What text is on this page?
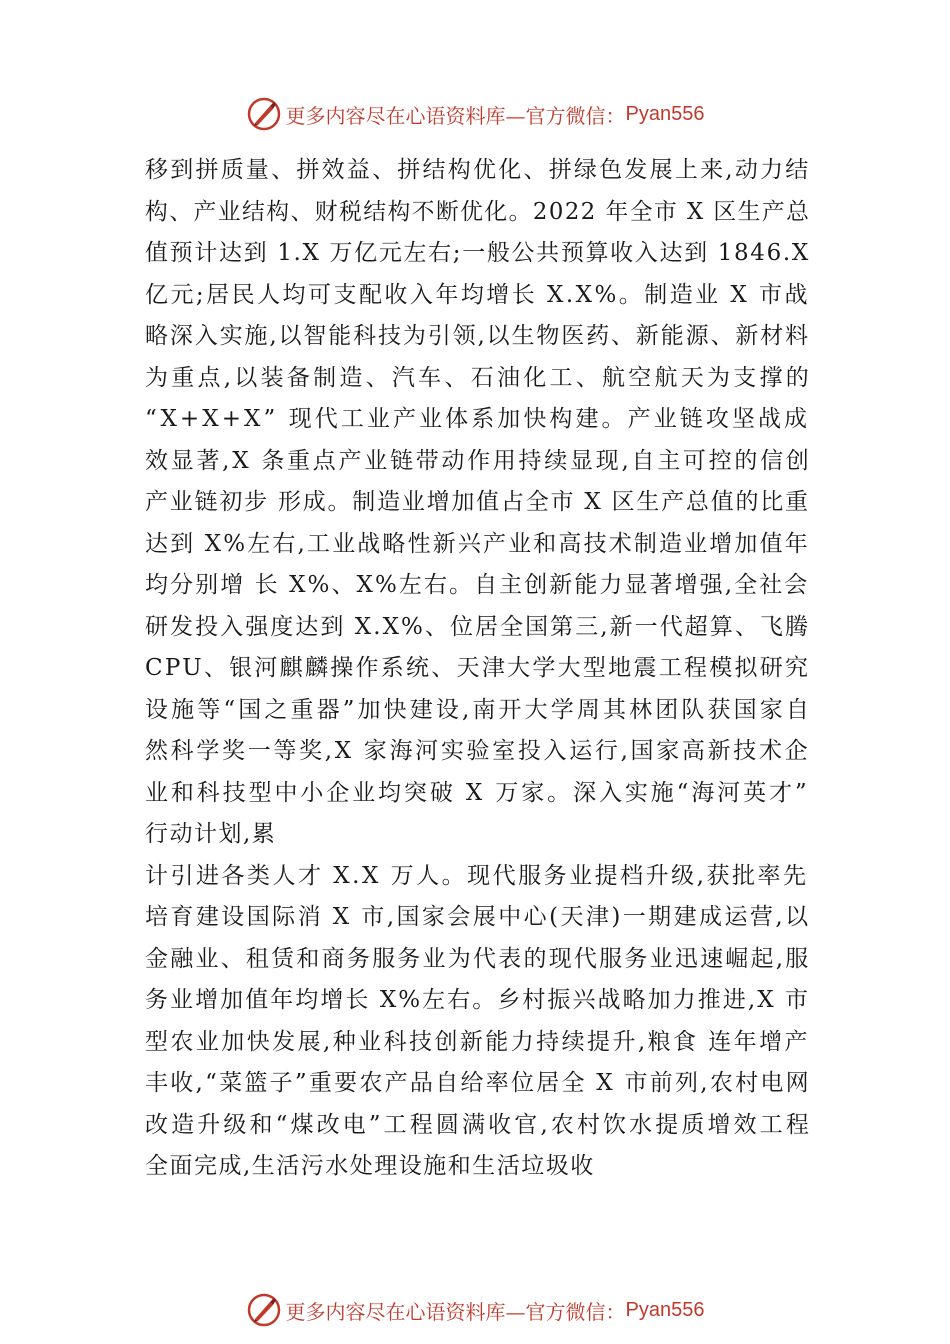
更多内容尽在心语资料库—官方微信： Pyan556
移到拼质量、拼效益、拼结构优化、拼绿色发展上来,动力结
构、产业结构、财税结构不断优化。2022 年全市 X 区生产总
值预计达到 1.X 万亿元左右;一般公共预算收入达到 1846.X
亿元;居民人均可支配收入年均增长 X.X%。制造业 X 市战
略深入实施,以智能科技为引领,以生物医药、新能源、新材料
为重点,以装备制造、汽车、石油化工、航空航天为支撑的
“X+X+X” 现代工业产业体系加快构建。产业链攻坚战成
效显著,X 条重点产业链带动作用持续显现,自主可控的信创
产业链初步 形成。制造业增加值占全市 X 区生产总值的比重
达到 X%左右,工业战略性新兴产业和高技术制造业增加值年
均分别增 长 X%、X%左右。自主创新能力显著增强,全社会
研发投入强度达到 X.X%、位居全国第三,新一代超算、飞腾
CPU、银河麒麟操作系统、天津大学大型地震工程模拟研究
设施等“国之重器”加快建设,南开大学周其林团队获国家自
然科学奖一等奖,X 家海河实验室投入运行,国家高新技术企
业和科技型中小企业均突破 X 万家。深入实施“海河英才”
行动计划,累
计引进各类人才 X.X 万人。现代服务业提档升级,获批率先
培育建设国际消 X 市,国家会展中心(天津)一期建成运营,以
金融业、租赁和商务服务业为代表的现代服务业迅速崛起,服
务业增加值年均增长 X%左右。乡村振兴战略加力推进,X 市
型农业加快发展,种业科技创新能力持续提升,粮食 连年增产
丰收,“菜篮子”重要农产品自给率位居全 X 市前列,农村电网
改造升级和“煤改电”工程圆满收官,农村饮水提质增效工程
全面完成,生活污水处理设施和生活垃圾收
更多内容尽在心语资料库—官方微信： Pyan556
